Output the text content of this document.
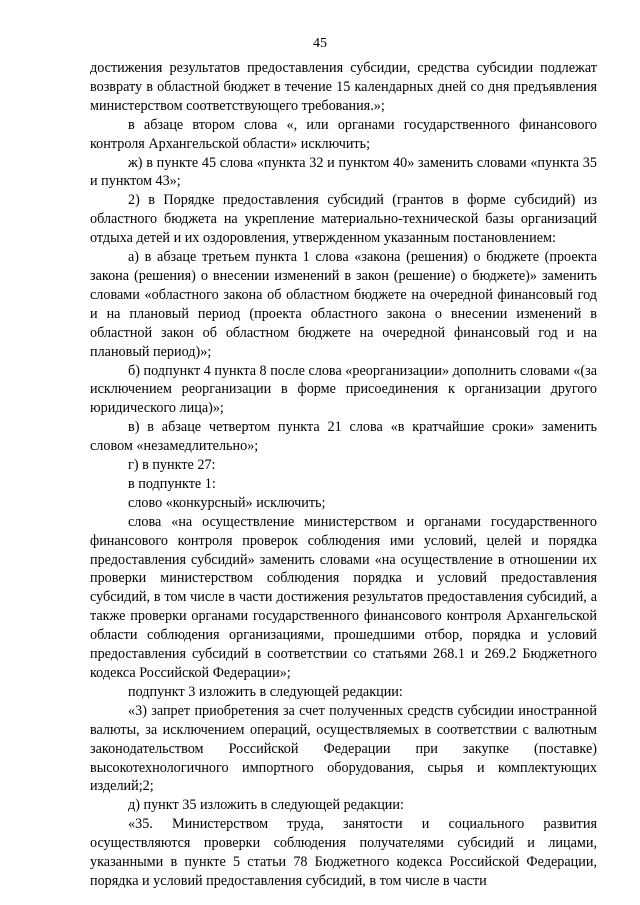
45

достижения результатов предоставления субсидии, средства субсидии подлежат возврату в областной бюджет в течение 15 календарных дней со дня предъявления министерством соответствующего требования.»;

в абзаце втором слова «, или органами государственного финансового контроля Архангельской области» исключить;

ж) в пункте 45 слова «пункта 32 и пунктом 40» заменить словами «пункта 35 и пунктом 43»;

2) в Порядке предоставления субсидий (грантов в форме субсидий) из областного бюджета на укрепление материально-технической базы организаций отдыха детей и их оздоровления, утвержденном указанным постановлением:

а) в абзаце третьем пункта 1 слова «закона (решения) о бюджете (проекта закона (решения) о внесении изменений в закон (решение) о бюджете)» заменить словами «областного закона об областном бюджете на очередной финансовый год и на плановый период (проекта областного закона о внесении изменений в областной закон об областном бюджете на очередной финансовый год и на плановый период)»;

б) подпункт 4 пункта 8 после слова «реорганизации» дополнить словами «(за исключением реорганизации в форме присоединения к организации другого юридического лица)»;

в) в абзаце четвертом пункта 21 слова «в кратчайшие сроки» заменить словом «незамедлительно»;

г) в пункте 27:

в подпункте 1:

слово «конкурсный» исключить;

слова «на осуществление министерством и органами государственного финансового контроля проверок соблюдения ими условий, целей и порядка предоставления субсидий» заменить словами «на осуществление в отношении их проверки министерством соблюдения порядка и условий предоставления субсидий, в том числе в части достижения результатов предоставления субсидий, а также проверки органами государственного финансового контроля Архангельской области соблюдения организациями, прошедшими отбор, порядка и условий предоставления субсидий в соответствии со статьями 268.1 и 269.2 Бюджетного кодекса Российской Федерации»;

подпункт 3 изложить в следующей редакции:

«3) запрет приобретения за счет полученных средств субсидии иностранной валюты, за исключением операций, осуществляемых в соответствии с валютным законодательством Российской Федерации при закупке (поставке) высокотехнологичного импортного оборудования, сырья и комплектующих изделий;2;

д) пункт 35 изложить в следующей редакции:

«35. Министерством труда, занятости и социального развития осуществляются проверки соблюдения получателями субсидий и лицами, указанными в пункте 5 статьи 78 Бюджетного кодекса Российской Федерации, порядка и условий предоставления субсидий, в том числе в части
